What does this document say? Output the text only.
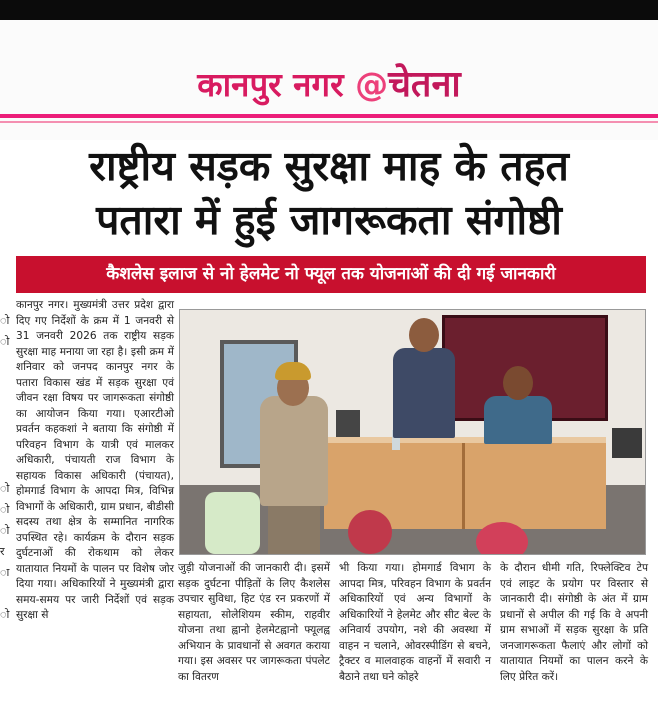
कानपुर नगर @चेतना
राष्ट्रीय सड़क सुरक्षा माह के तहत
पतारा में हुई जागरूकता संगोष्ठी
कैशलेस इलाज से नो हेलमेट नो फ्यूल तक योजनाओं की दी गई जानकारी
ो
ो

ो
ो
ो
र
ा

ो
कानपुर नगर। मुख्यमंत्री उत्तर प्रदेश द्वारा दिए गए निर्देशों के क्रम में 1 जनवरी से 31 जनवरी 2026 तक राष्ट्रीय सड़क सुरक्षा माह मनाया जा रहा है। इसी क्रम में शनिवार को जनपद कानपुर नगर के पतारा विकास खंड में सड़क सुरक्षा एवं जीवन रक्षा विषय पर जागरूकता संगोष्ठी का आयोजन किया गया। एआरटीओ प्रवर्तन कहकशां ने बताया कि संगोष्ठी में परिवहन विभाग के यात्री एवं मालकर अधिकारी, पंचायती राज विभाग के सहायक विकास अधिकारी (पंचायत), होमगार्ड विभाग के आपदा मित्र, विभिन्न विभागों के अधिकारी, ग्राम प्रधान, बीडीसी सदस्य तथा क्षेत्र के सम्मानित नागरिक उपस्थित रहे। कार्यक्रम के दौरान सड़क दुर्घटनाओं की रोकथाम को लेकर यातायात नियमों के पालन पर विशेष जोर दिया गया। अधिकारियों ने मुख्यमंत्री द्वारा समय-समय पर जारी निर्देशों एवं सड़क सुरक्षा से
जुड़ी योजनाओं की जानकारी दी। इसमें सड़क दुर्घटना पीड़ितों के लिए कैशलेस उपचार सुविधा, हिट एंड रन प्रकरणों में सहायता, सोलेशियम स्कीम, राहवीर योजना तथा ह्वानो हेलमेटह्वानो फ्यूलह्व अभियान के प्रावधानों से अवगत कराया गया। इस अवसर पर जागरूकता पंपलेट का वितरण
भी किया गया। होमगार्ड विभाग के आपदा मित्र, परिवहन विभाग के प्रवर्तन अधिकारियों एवं अन्य विभागों के अधिकारियों ने हेलमेट और सीट बेल्ट के अनिवार्य उपयोग, नशे की अवस्था में वाहन न चलाने, ओवरस्पीडिंग से बचने, ट्रैक्टर व मालवाहक वाहनों में सवारी न बैठाने तथा घने कोहरे
के दौरान धीमी गति, रिफ्लेक्टिव टेप एवं लाइट के प्रयोग पर विस्तार से जानकारी दी। संगोष्ठी के अंत में ग्राम प्रधानों से अपील की गई कि वे अपनी ग्राम सभाओं में सड़क सुरक्षा के प्रति जनजागरूकता फैलाएं और लोगों को यातायात नियमों का पालन करने के लिए प्रेरित करें।
